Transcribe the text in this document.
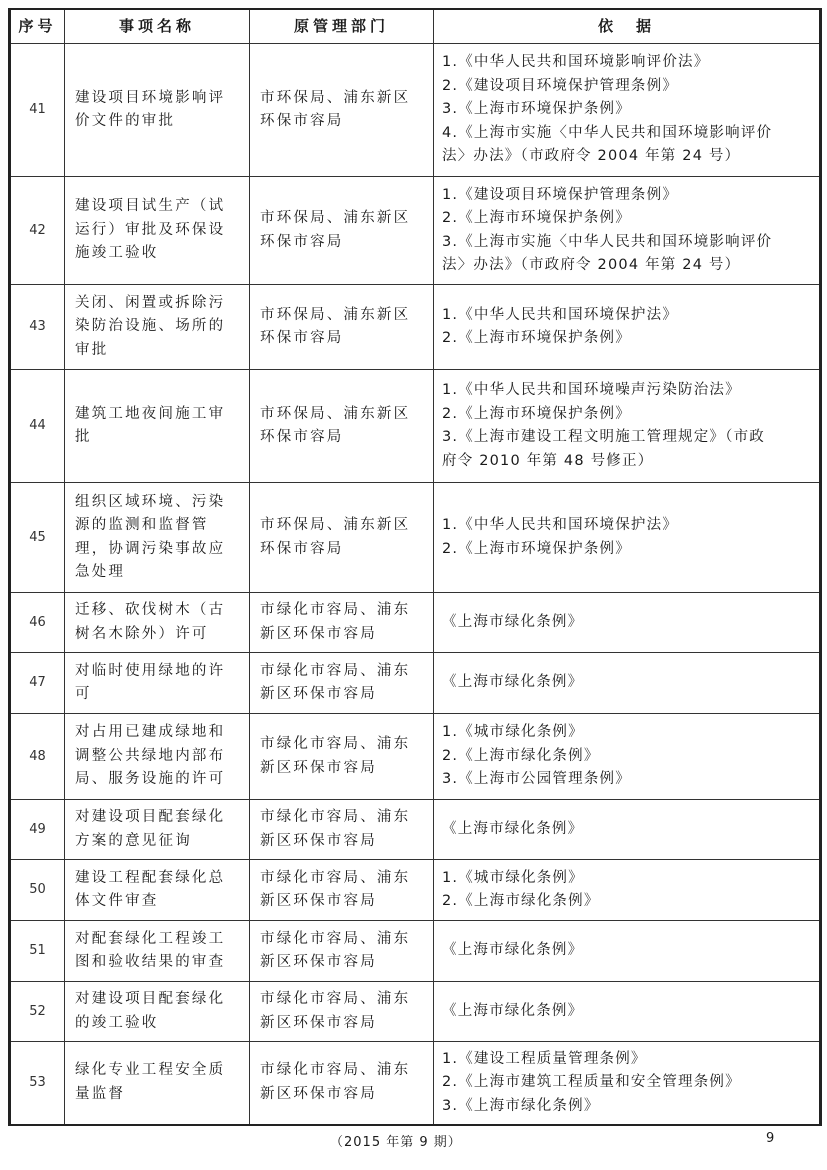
序号	事项名称	原管理部门	依　据
41	建设项目环境影响评价文件的审批	市环保局、浦东新区环保市容局	1.《中华人民共和国环境影响评价法》
2.《建设项目环境保护管理条例》
3.《上海市环境保护条例》
4.《上海市实施〈中华人民共和国环境影响评价
法〉办法》（市政府令 2004 年第 24 号）

42	建设项目试生产（试运行）审批及环保设施竣工验收	市环保局、浦东新区环保市容局	1.《建设项目环境保护管理条例》
2.《上海市环境保护条例》
3.《上海市实施〈中华人民共和国环境影响评价
法〉办法》（市政府令 2004 年第 24 号）

43	关闭、闲置或拆除污染防治设施、场所的审批	市环保局、浦东新区环保市容局	1.《中华人民共和国环境保护法》
2.《上海市环境保护条例》

44	建筑工地夜间施工审批	市环保局、浦东新区环保市容局	1.《中华人民共和国环境噪声污染防治法》
2.《上海市环境保护条例》
3.《上海市建设工程文明施工管理规定》（市政
府令 2010 年第 48 号修正）

45	组织区域环境、污染源的监测和监督管理，协调污染事故应急处理	市环保局、浦东新区环保市容局	1.《中华人民共和国环境保护法》
2.《上海市环境保护条例》

46	迁移、砍伐树木（古树名木除外）许可	市绿化市容局、浦东新区环保市容局	《上海市绿化条例》

47	对临时使用绿地的许可	市绿化市容局、浦东新区环保市容局	《上海市绿化条例》

48	对占用已建成绿地和调整公共绿地内部布局、服务设施的许可	市绿化市容局、浦东新区环保市容局	1.《城市绿化条例》
2.《上海市绿化条例》
3.《上海市公园管理条例》

49	对建设项目配套绿化方案的意见征询	市绿化市容局、浦东新区环保市容局	《上海市绿化条例》

50	建设工程配套绿化总体文件审查	市绿化市容局、浦东新区环保市容局	1.《城市绿化条例》
2.《上海市绿化条例》

51	对配套绿化工程竣工图和验收结果的审查	市绿化市容局、浦东新区环保市容局	《上海市绿化条例》

52	对建设项目配套绿化的竣工验收	市绿化市容局、浦东新区环保市容局	《上海市绿化条例》

53	绿化专业工程安全质量监督	市绿化市容局、浦东新区环保市容局	1.《建设工程质量管理条例》
2.《上海市建筑工程质量和安全管理条例》
3.《上海市绿化条例》
（2015 年第 9 期）	9
